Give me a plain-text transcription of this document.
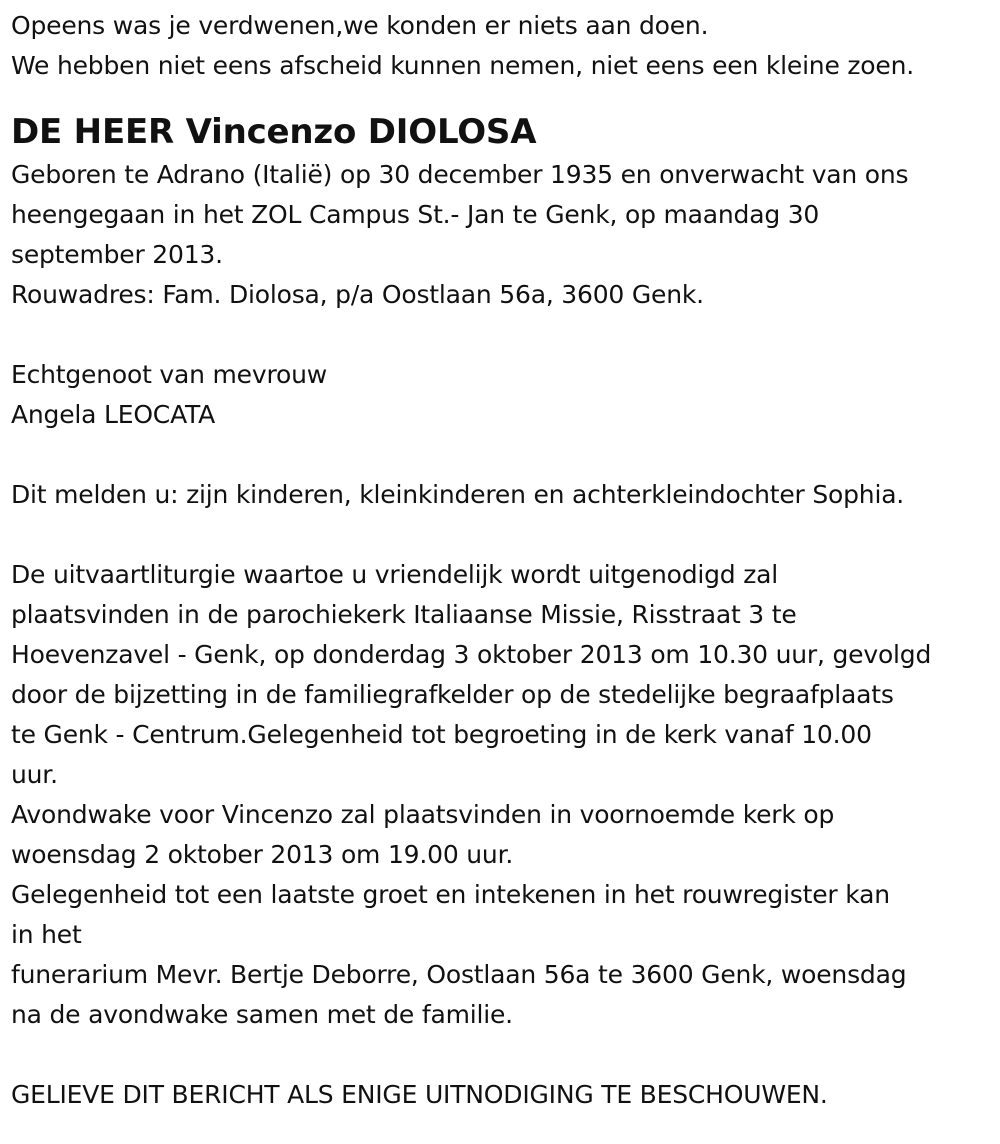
Opeens was je verdwenen,we konden er niets aan doen.
We hebben niet eens afscheid kunnen nemen, niet eens een kleine zoen.
DE HEER Vincenzo DIOLOSA
Geboren te Adrano (Italië) op 30 december 1935 en onverwacht van ons
heengegaan in het ZOL Campus St.- Jan te Genk, op maandag 30
september 2013.
Rouwadres: Fam. Diolosa, p/a Oostlaan 56a, 3600 Genk.
Echtgenoot van mevrouw
Angela LEOCATA
Dit melden u: zijn kinderen, kleinkinderen en achterkleindochter Sophia.
De uitvaartliturgie waartoe u vriendelijk wordt uitgenodigd zal
plaatsvinden in de parochiekerk Italiaanse Missie, Risstraat 3 te
Hoevenzavel - Genk, op donderdag 3 oktober 2013 om 10.30 uur, gevolgd
door de bijzetting in de familiegrafkelder op de stedelijke begraafplaats
te Genk - Centrum.Gelegenheid tot begroeting in de kerk vanaf 10.00
uur.
Avondwake voor Vincenzo zal plaatsvinden in voornoemde kerk op
woensdag 2 oktober 2013 om 19.00 uur.
Gelegenheid tot een laatste groet en intekenen in het rouwregister kan
in het
funerarium Mevr. Bertje Deborre, Oostlaan 56a te 3600 Genk, woensdag
na de avondwake samen met de familie.
GELIEVE DIT BERICHT ALS ENIGE UITNODIGING TE BESCHOUWEN.
